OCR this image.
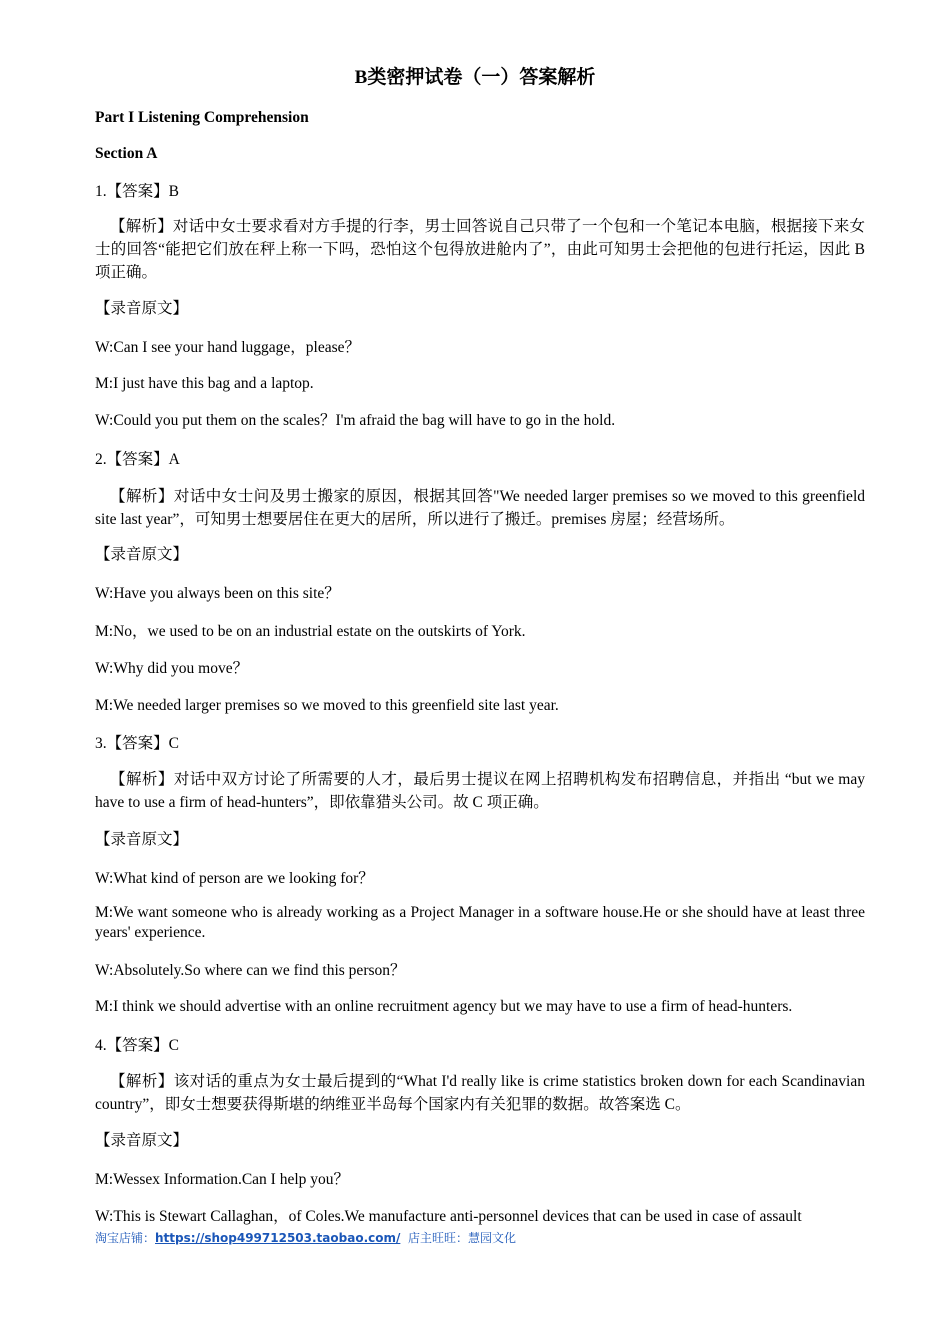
B类密押试卷（一）答案解析
Part I Listening Comprehension
Section A
1.【答案】B
【解析】对话中女士要求看对方手提的行李，男士回答说自己只带了一个包和一个笔记本电脑，根据接下来女士的回答“能把它们放在秤上称一下吗，恐怕这个包得放进舱内了”，由此可知男士会把他的包进行托运，因此 B 项正确。
【录音原文】
W:Can I see your hand luggage，please？
M:I just have this bag and a laptop.
W:Could you put them on the scales？I'm afraid the bag will have to go in the hold.
2.【答案】A
【解析】对话中女士问及男士搬家的原因，根据其回答"We needed larger premises so we moved to this greenfield site last year”，可知男士想要居住在更大的居所，所以进行了搬迁。premises 房屋；经营场所。
【录音原文】
W:Have you always been on this site？
M:No，we used to be on an industrial estate on the outskirts of York.
W:Why did you move？
M:We needed larger premises so we moved to this greenfield site last year.
3.【答案】C
【解析】对话中双方讨论了所需要的人才，最后男士提议在网上招聘机构发布招聘信息，并指出 “but we may have to use a firm of head-hunters”，即依靠猎头公司。故 C 项正确。
【录音原文】
W:What kind of person are we looking for？
M:We want someone who is already working as a Project Manager in a software house.He or she should have at least three years' experience.
W:Absolutely.So where can we find this person？
M:I think we should advertise with an online recruitment agency but we may have to use a firm of head-hunters.
4.【答案】C
【解析】该对话的重点为女士最后提到的“What I'd really like is crime statistics broken down for each Scandinavian country”，即女士想要获得斯堪的纳维亚半岛每个国家内有关犯罪的数据。故答案选 C。
【录音原文】
M:Wessex Information.Can I help you？
W:This is Stewart Callaghan，of Coles.We manufacture anti-personnel devices that can be used in case of assault
淘宝店铺：https://shop499712503.taobao.com/ 店主旺旺：慧园文化
